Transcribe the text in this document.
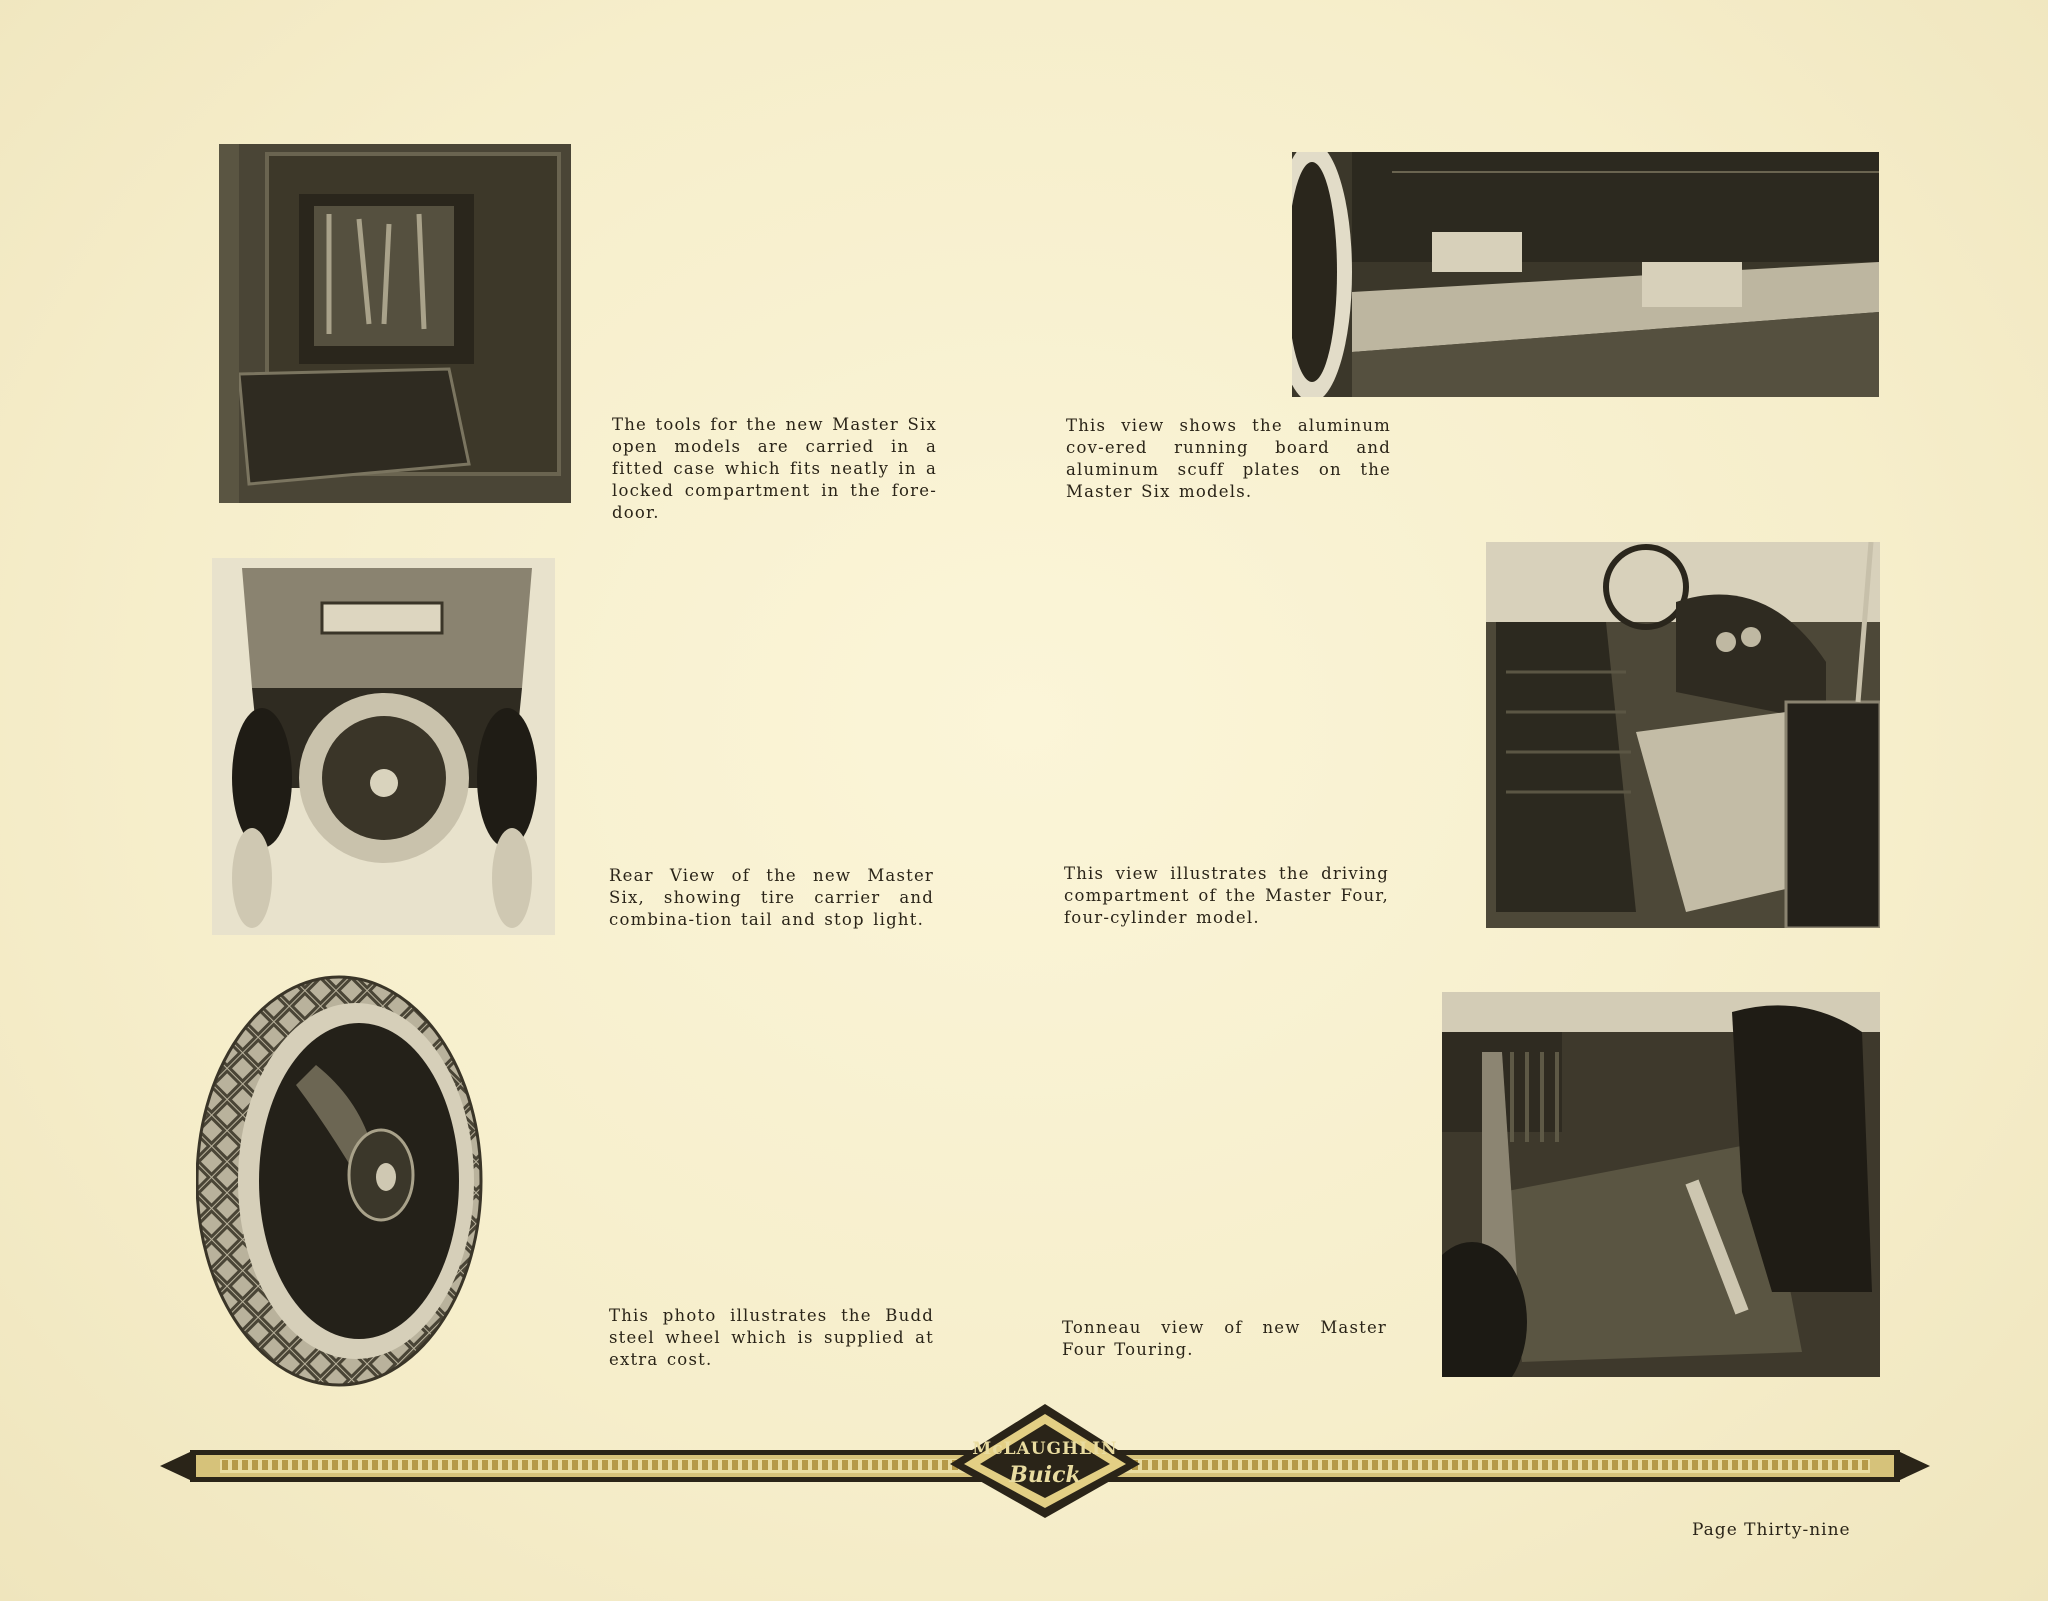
The tools for the new Master Six open models are carried in a fitted case which fits neatly in a locked compartment in the fore-door.
This view shows the aluminum cov-ered running board and aluminum scuff plates on the Master Six models.
Rear View of the new Master Six, showing tire carrier and combina-tion tail and stop light.
This view illustrates the driving compartment of the Master Four, four-cylinder model.
This photo illustrates the Budd steel wheel which is supplied at extra cost.
Tonneau view of new Master Four Touring.
McLAUGHLIN
Buick
Page Thirty-nine
